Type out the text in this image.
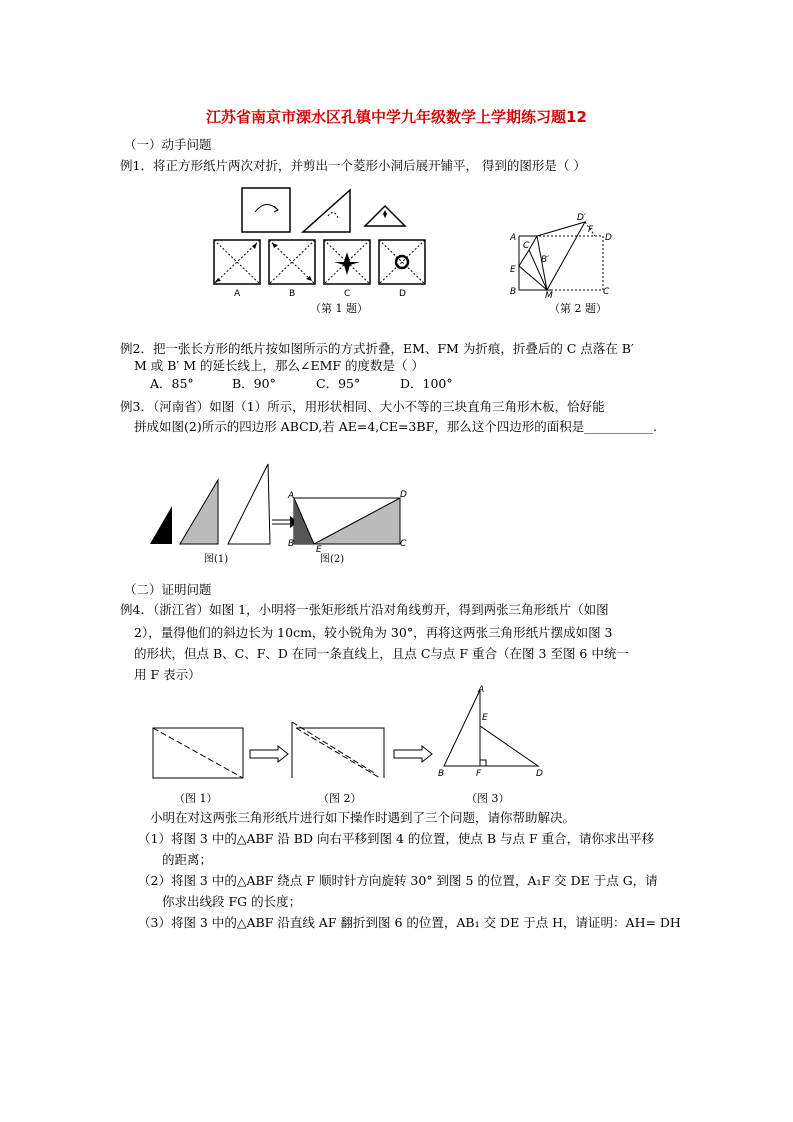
江苏省南京市溧水区孔镇中学九年级数学上学期练习题12
（一）动手问题
例1．将正方形纸片两次对折，并剪出一个菱形小洞后展开铺平， 得到的图形是（ ）
A	B	C	D
（第 1 题）
A
D′
F
D
C
E
B′
B	M	C
（第 2 题）
例2．把一张长方形的纸片按如图所示的方式折叠，EM、FM 为折痕，折叠后的 C 点落在 B′
M 或 B′ M 的延长线上，那么∠EMF 的度数是（ ）
A．85°	B．90°	C．95°	D．100°
例3．（河南省）如图（1）所示，用形状相同、大小不等的三块直角三角形木板，恰好能
拼成如图(2)所示的四边形 ABCD,若 AE=4,CE=3BF，那么这个四边形的面积是___________.
A	D
B
E
C
图(1)	图(2)
（二）证明问题
例4．（浙江省）如图 1，小明将一张矩形纸片沿对角线剪开，得到两张三角形纸片（如图
2），量得他们的斜边长为 10cm，较小锐角为 30°，再将这两张三角形纸片摆成如图 3
的形状，但点 B、C、F、D 在同一条直线上，且点 C与点 F 重合（在图 3 至图 6 中统一
用 F 表示）
A
E
B	F	D
（图 1）	（图 2）	（图 3）
小明在对这两张三角形纸片进行如下操作时遇到了三个问题，请你帮助解决。
（1）将图 3 中的△ABF 沿 BD 向右平移到图 4 的位置，使点 B 与点 F 重合，请你求出平移
的距离；
（2）将图 3 中的△ABF 绕点 F 顺时针方向旋转 30° 到图 5 的位置，A₁F 交 DE 于点 G，请
你求出线段 FG 的长度；
（3）将图 3 中的△ABF 沿直线 AF 翻折到图 6 的位置，AB₁ 交 DE 于点 H，请证明：AH= DH
